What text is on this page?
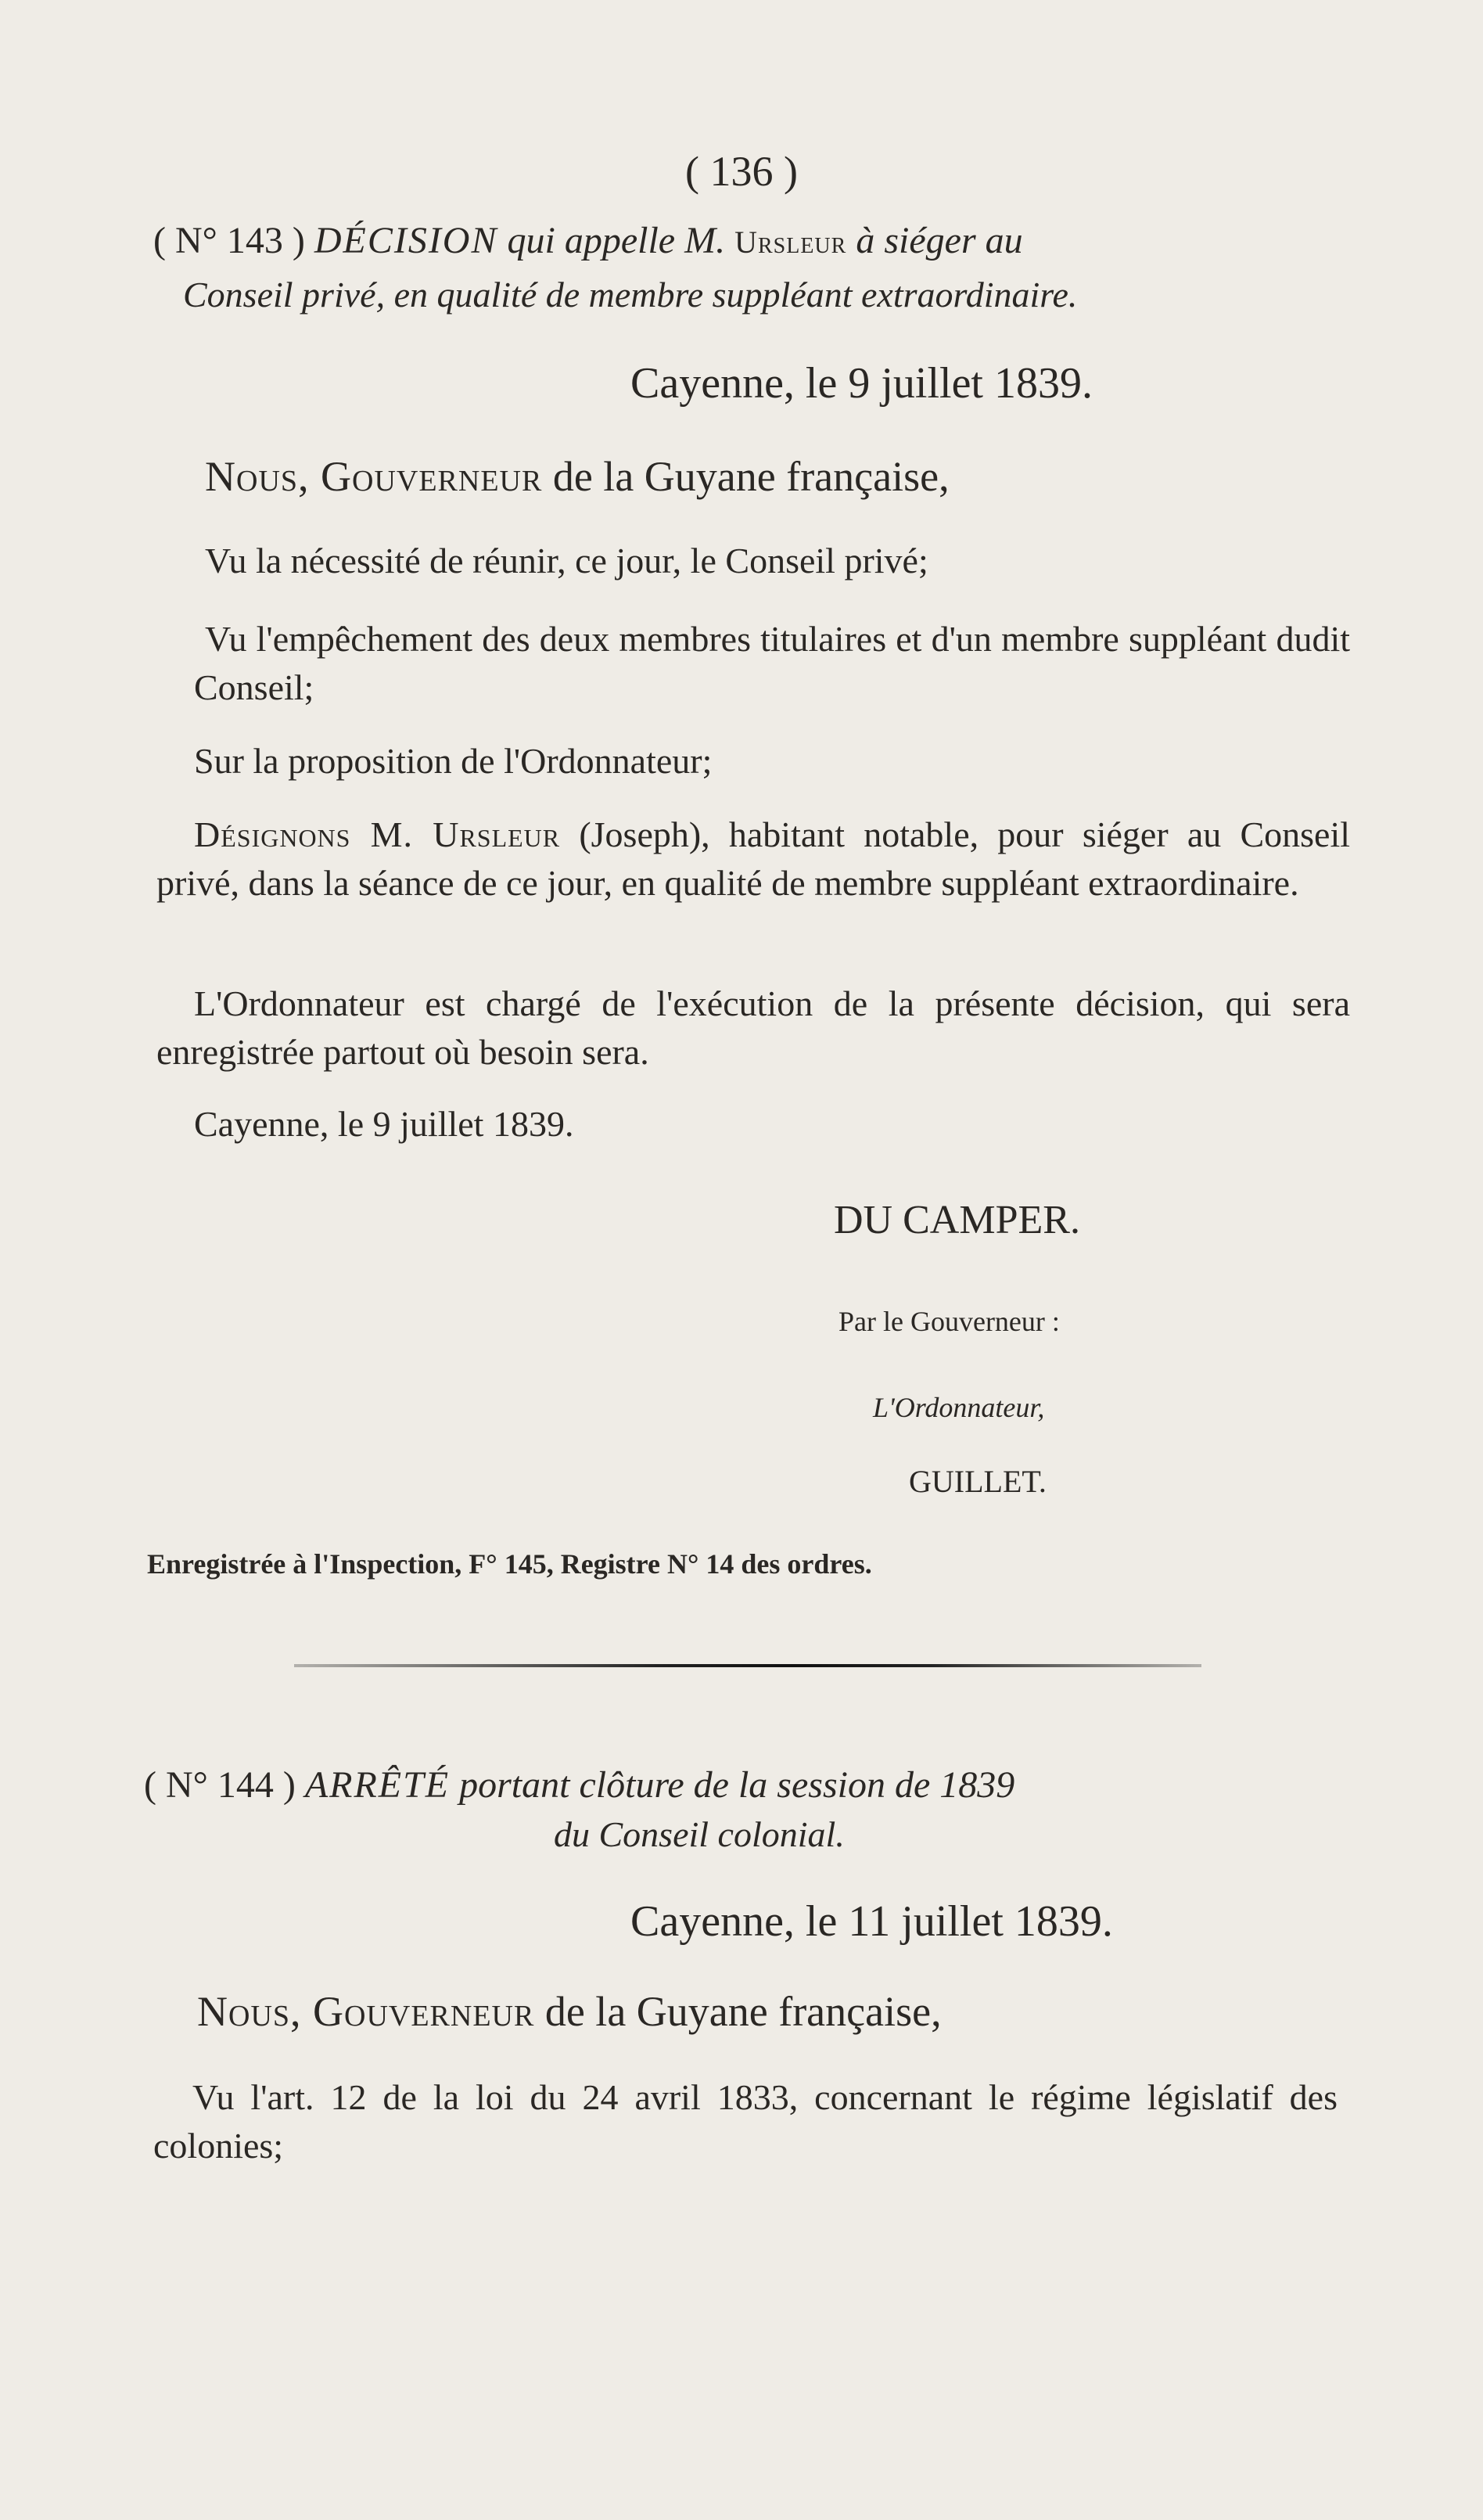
( 136 )
( N° 143 ) DÉCISION qui appelle M. Ursleur à siéger au
Conseil privé, en qualité de membre suppléant extraordinaire.
Cayenne, le 9 juillet 1839.
Nous, Gouverneur de la Guyane française,
Vu la nécessité de réunir, ce jour, le Conseil privé;
Vu l'empêchement des deux membres titulaires et d'un membre suppléant dudit Conseil;
Sur la proposition de l'Ordonnateur;
Désignons M. Ursleur (Joseph), habitant notable, pour siéger au Conseil privé, dans la séance de ce jour, en qualité de membre suppléant extraordinaire.
L'Ordonnateur est chargé de l'exécution de la présente décision, qui sera enregistrée partout où besoin sera.
Cayenne, le 9 juillet 1839.
DU CAMPER.
Par le Gouverneur :
L'Ordonnateur,
GUILLET.
Enregistrée à l'Inspection, F° 145, Registre N° 14 des ordres.
( N° 144 ) ARRÊTÉ portant clôture de la session de 1839
du Conseil colonial.
Cayenne, le 11 juillet 1839.
Nous, Gouverneur de la Guyane française,
Vu l'art. 12 de la loi du 24 avril 1833, concernant le régime législatif des colonies;
